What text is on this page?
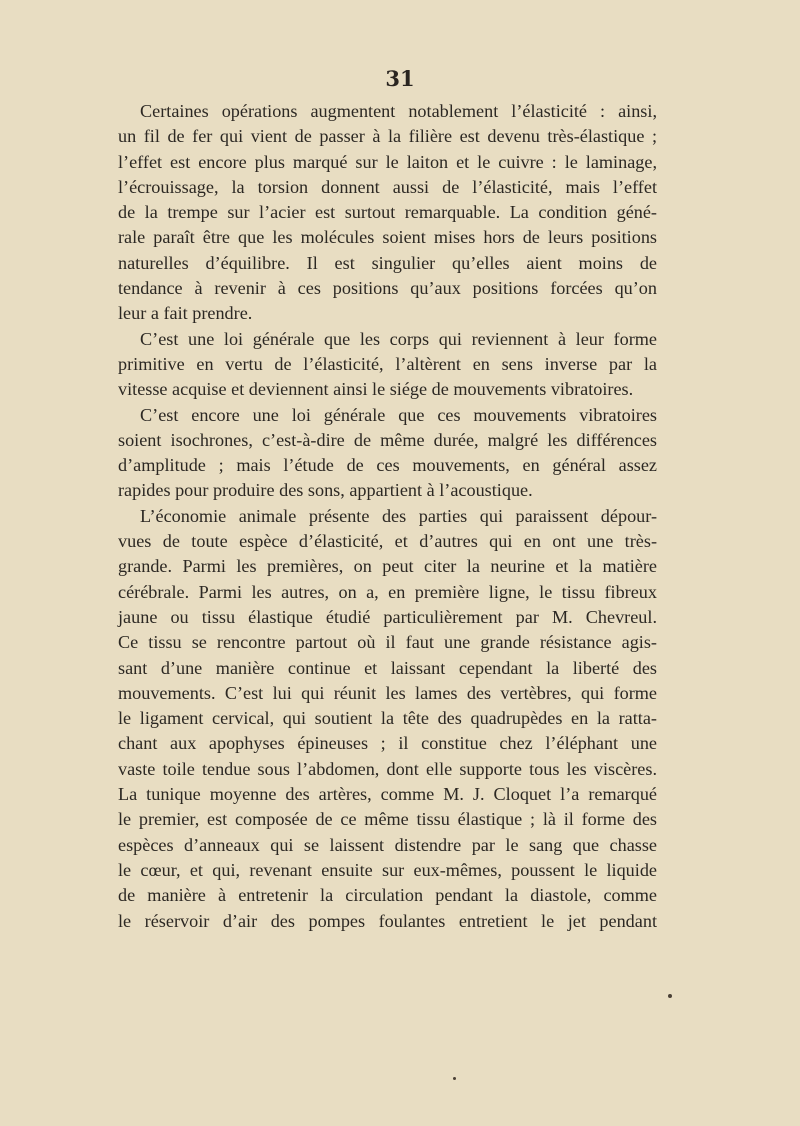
31
Certaines opérations augmentent notablement l’élasticité : ainsi,
un fil de fer qui vient de passer à la filière est devenu très-élastique ;
l’effet est encore plus marqué sur le laiton et le cuivre : le laminage,
l’écrouissage, la torsion donnent aussi de l’élasticité, mais l’effet
de la trempe sur l’acier est surtout remarquable. La condition géné-
rale paraît être que les molécules soient mises hors de leurs positions
naturelles d’équilibre. Il est singulier qu’elles aient moins de
tendance à revenir à ces positions qu’aux positions forcées qu’on
leur a fait prendre.
C’est une loi générale que les corps qui reviennent à leur forme
primitive en vertu de l’élasticité, l’altèrent en sens inverse par la
vitesse acquise et deviennent ainsi le siége de mouvements vibratoires.
C’est encore une loi générale que ces mouvements vibratoires
soient isochrones, c’est-à-dire de même durée, malgré les différences
d’amplitude ; mais l’étude de ces mouvements, en général assez
rapides pour produire des sons, appartient à l’acoustique.
L’économie animale présente des parties qui paraissent dépour-
vues de toute espèce d’élasticité, et d’autres qui en ont une très-
grande. Parmi les premières, on peut citer la neurine et la matière
cérébrale. Parmi les autres, on a, en première ligne, le tissu fibreux
jaune ou tissu élastique étudié particulièrement par M. Chevreul.
Ce tissu se rencontre partout où il faut une grande résistance agis-
sant d’une manière continue et laissant cependant la liberté des
mouvements. C’est lui qui réunit les lames des vertèbres, qui forme
le ligament cervical, qui soutient la tête des quadrupèdes en la ratta-
chant aux apophyses épineuses ; il constitue chez l’éléphant une
vaste toile tendue sous l’abdomen, dont elle supporte tous les viscères.
La tunique moyenne des artères, comme M. J. Cloquet l’a remarqué
le premier, est composée de ce même tissu élastique ; là il forme des
espèces d’anneaux qui se laissent distendre par le sang que chasse
le cœur, et qui, revenant ensuite sur eux-mêmes, poussent le liquide
de manière à entretenir la circulation pendant la diastole, comme
le réservoir d’air des pompes foulantes entretient le jet pendant
